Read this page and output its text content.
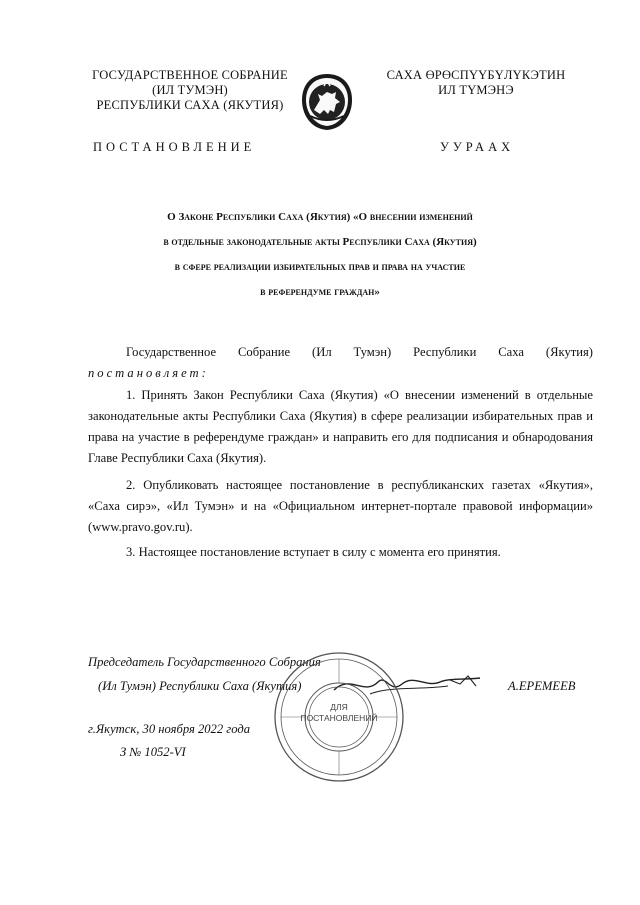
ГОСУДАРСТВЕННОЕ СОБРАНИЕ
(ИЛ ТУМЭН)
РЕСПУБЛИКИ САХА (ЯКУТИЯ)
САХА ӨРӨСПҮҮБҮЛҮКЭТИН
ИЛ ТҮМЭНЭ
ПОСТАНОВЛЕНИЕ	УУРААХ
О Законе Республики Саха (Якутия) «О внесении изменений
в отдельные законодательные акты Республики Саха (Якутия)
в сфере реализации избирательных прав и права на участие
в референдуме граждан»
Государственное Собрание (Ил Тумэн) Республики Саха (Якутия)
постановляет:
1. Принять Закон Республики Саха (Якутия) «О внесении изменений в отдельные законодательные акты Республики Саха (Якутия) в сфере реализации избирательных прав и права на участие в референдуме граждан» и направить его для подписания и обнародования Главе Республики Саха (Якутия).
2. Опубликовать настоящее постановление в республиканских газетах «Якутия», «Саха сирэ», «Ил Тумэн» и на «Официальном интернет-портале правовой информации» (www.pravo.gov.ru).
3. Настоящее постановление вступает в силу с момента его принятия.
Председатель Государственного Собрания
(Ил Тумэн) Республики Саха (Якутия)	А.ЕРЕМЕЕВ
ДЛЯ
ПОСТАНОВЛЕНИЙ
г.Якутск, 30 ноября 2022 года
З № 1052-VI
